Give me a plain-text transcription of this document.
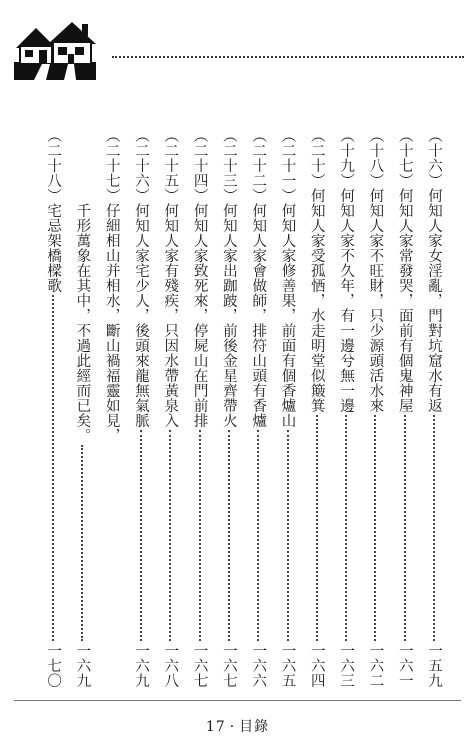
（十六）何知人家女淫亂，門對坑窟水有返
一五九
（十七）何知人家常發哭，面前有個鬼神屋
一六一
（十八）何知人家不旺財，只少源頭活水來
一六二
（十九）何知人家不久年，有一邊兮無一邊
一六三
（二十）何知人家受孤恓，水走明堂似簸箕
一六四
（二十一）何知人家修善果，前面有個香爐山
一六五
（二十二）何知人家會做師，排符山頭有香爐
一六六
（二十三）何知人家出跏跛，前後金星齊帶火
一六七
（二十四）何知人家致死來，停屍山在門前排
一六七
（二十五）何知人家有殘疾，只因水帶黃泉入
一六八
（二十六）何知人家宅少人，後頭來龍無氣脈
一六九
（二十七）仔細相山并相水，斷山禍福靈如見，
　　　　　千形萬象在其中，不過此經而已矣。
一六九
（二十八）宅忌架橋樑歌
一七〇
17 · 目錄
